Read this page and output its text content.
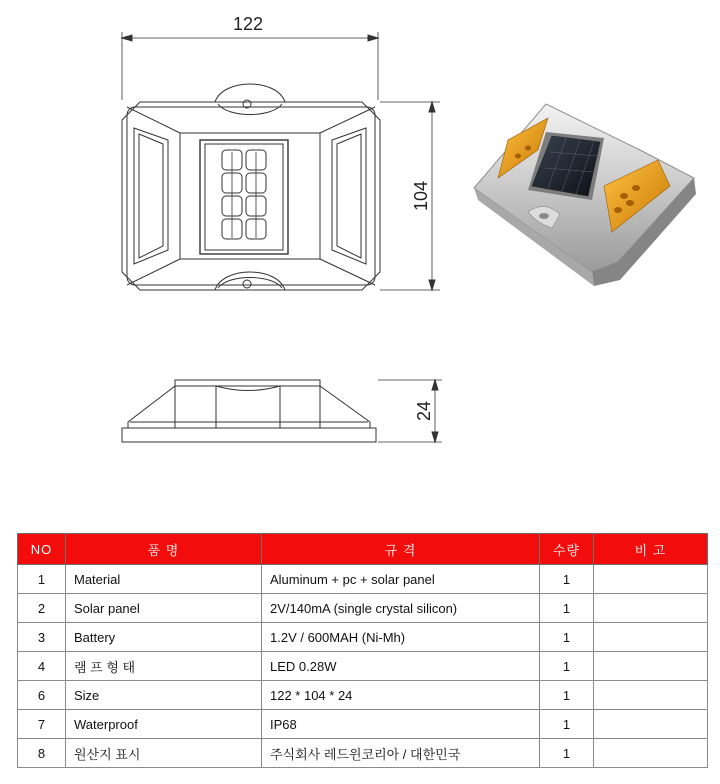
122
104
24
NO	품 명	규 격	수량	비 고
1	Material	Aluminum + pc + solar panel	1	
2	Solar panel	2V/140mA (single crystal silicon)	1	
3	Battery	1.2V / 600MAH (Ni-Mh)	1	
4	램 프 형 태	LED 0.28W	1	
6	Size	122 * 104 * 24	1	
7	Waterproof	IP68	1	
8	원산지 표시	주식회사 레드윈코리아 / 대한민국	1	
